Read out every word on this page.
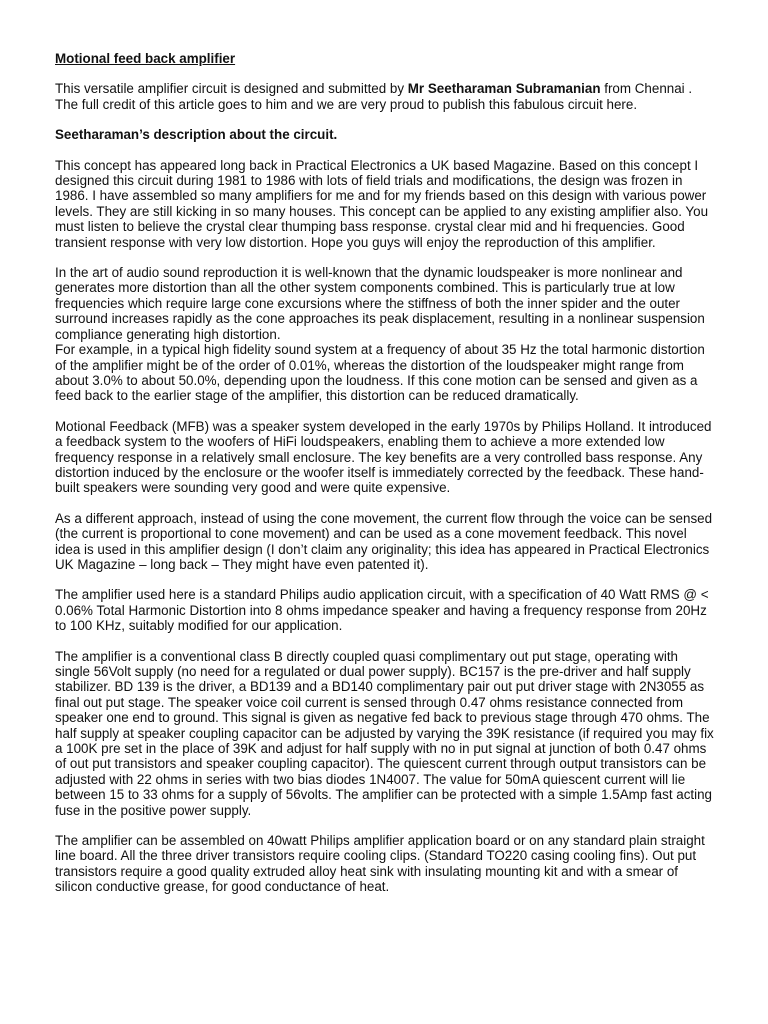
Motional feed back amplifier

This versatile amplifier circuit is designed and submitted by Mr Seetharaman Subramanian from Chennai . The full credit of this article goes to him and we are very proud to publish this fabulous circuit here.

Seetharaman’s description about the circuit.

This concept has appeared long back in Practical Electronics a UK based Magazine. Based on this concept I designed this circuit during 1981 to 1986 with lots of field trials and modifications, the design was frozen in 1986. I have assembled so many amplifiers for me and for my friends based on this design with various power levels. They are still kicking in so many houses. This concept can be applied to any existing amplifier also. You must listen to believe the crystal clear thumping bass response. crystal clear mid and hi frequencies. Good transient response with very low distortion. Hope you guys will enjoy the reproduction of this amplifier.

In the art of audio sound reproduction it is well-known that the dynamic loudspeaker is more nonlinear and generates more distortion than all the other system components combined. This is particularly true at low frequencies which require large cone excursions where the stiffness of both the inner spider and the outer surround increases rapidly as the cone approaches its peak displacement, resulting in a nonlinear suspension compliance generating high distortion.

For example, in a typical high fidelity sound system at a frequency of about 35 Hz the total harmonic distortion of the amplifier might be of the order of 0.01%, whereas the distortion of the loudspeaker might range from about 3.0% to about 50.0%, depending upon the loudness. If this cone motion can be sensed and given as a feed back to the earlier stage of the amplifier, this distortion can be reduced dramatically.

Motional Feedback (MFB) was a speaker system developed in the early 1970s by Philips Holland. It introduced a feedback system to the woofers of HiFi loudspeakers, enabling them to achieve a more extended low frequency response in a relatively small enclosure. The key benefits are a very controlled bass response. Any distortion induced by the enclosure or the woofer itself is immediately corrected by the feedback. These hand-built speakers were sounding very good and were quite expensive.

As a different approach, instead of using the cone movement, the current flow through the voice can be sensed (the current is proportional to cone movement) and can be used as a cone movement feedback. This novel idea is used in this amplifier design (I don’t claim any originality; this idea has appeared in Practical Electronics UK Magazine – long back – They might have even patented it).

The amplifier used here is a standard Philips audio application circuit, with a specification of 40 Watt RMS @ < 0.06% Total Harmonic Distortion into 8 ohms impedance speaker and having a frequency response from 20Hz to 100 KHz, suitably modified for our application.

The amplifier is a conventional class B directly coupled quasi complimentary out put stage, operating with single 56Volt supply (no need for a regulated or dual power supply). BC157 is the pre-driver and half supply stabilizer. BD 139 is the driver, a BD139 and a BD140 complimentary pair out put driver stage with 2N3055 as final out put stage. The speaker voice coil current is sensed through 0.47 ohms resistance connected from speaker one end to ground. This signal is given as negative fed back to previous stage through 470 ohms. The half supply at speaker coupling capacitor can be adjusted by varying the 39K resistance (if required you may fix a 100K pre set in the place of 39K and adjust for half supply with no in put signal at junction of both 0.47 ohms of out put transistors and speaker coupling capacitor). The quiescent current through output transistors can be adjusted with 22 ohms in series with two bias diodes 1N4007. The value for 50mA quiescent current will lie between 15 to 33 ohms for a supply of 56volts. The amplifier can be protected with a simple 1.5Amp fast acting fuse in the positive power supply.

The amplifier can be assembled on 40watt Philips amplifier application board or on any standard plain straight line board. All the three driver transistors require cooling clips. (Standard TO220 casing cooling fins). Out put transistors require a good quality extruded alloy heat sink with insulating mounting kit and with a smear of silicon conductive grease, for good conductance of heat.
